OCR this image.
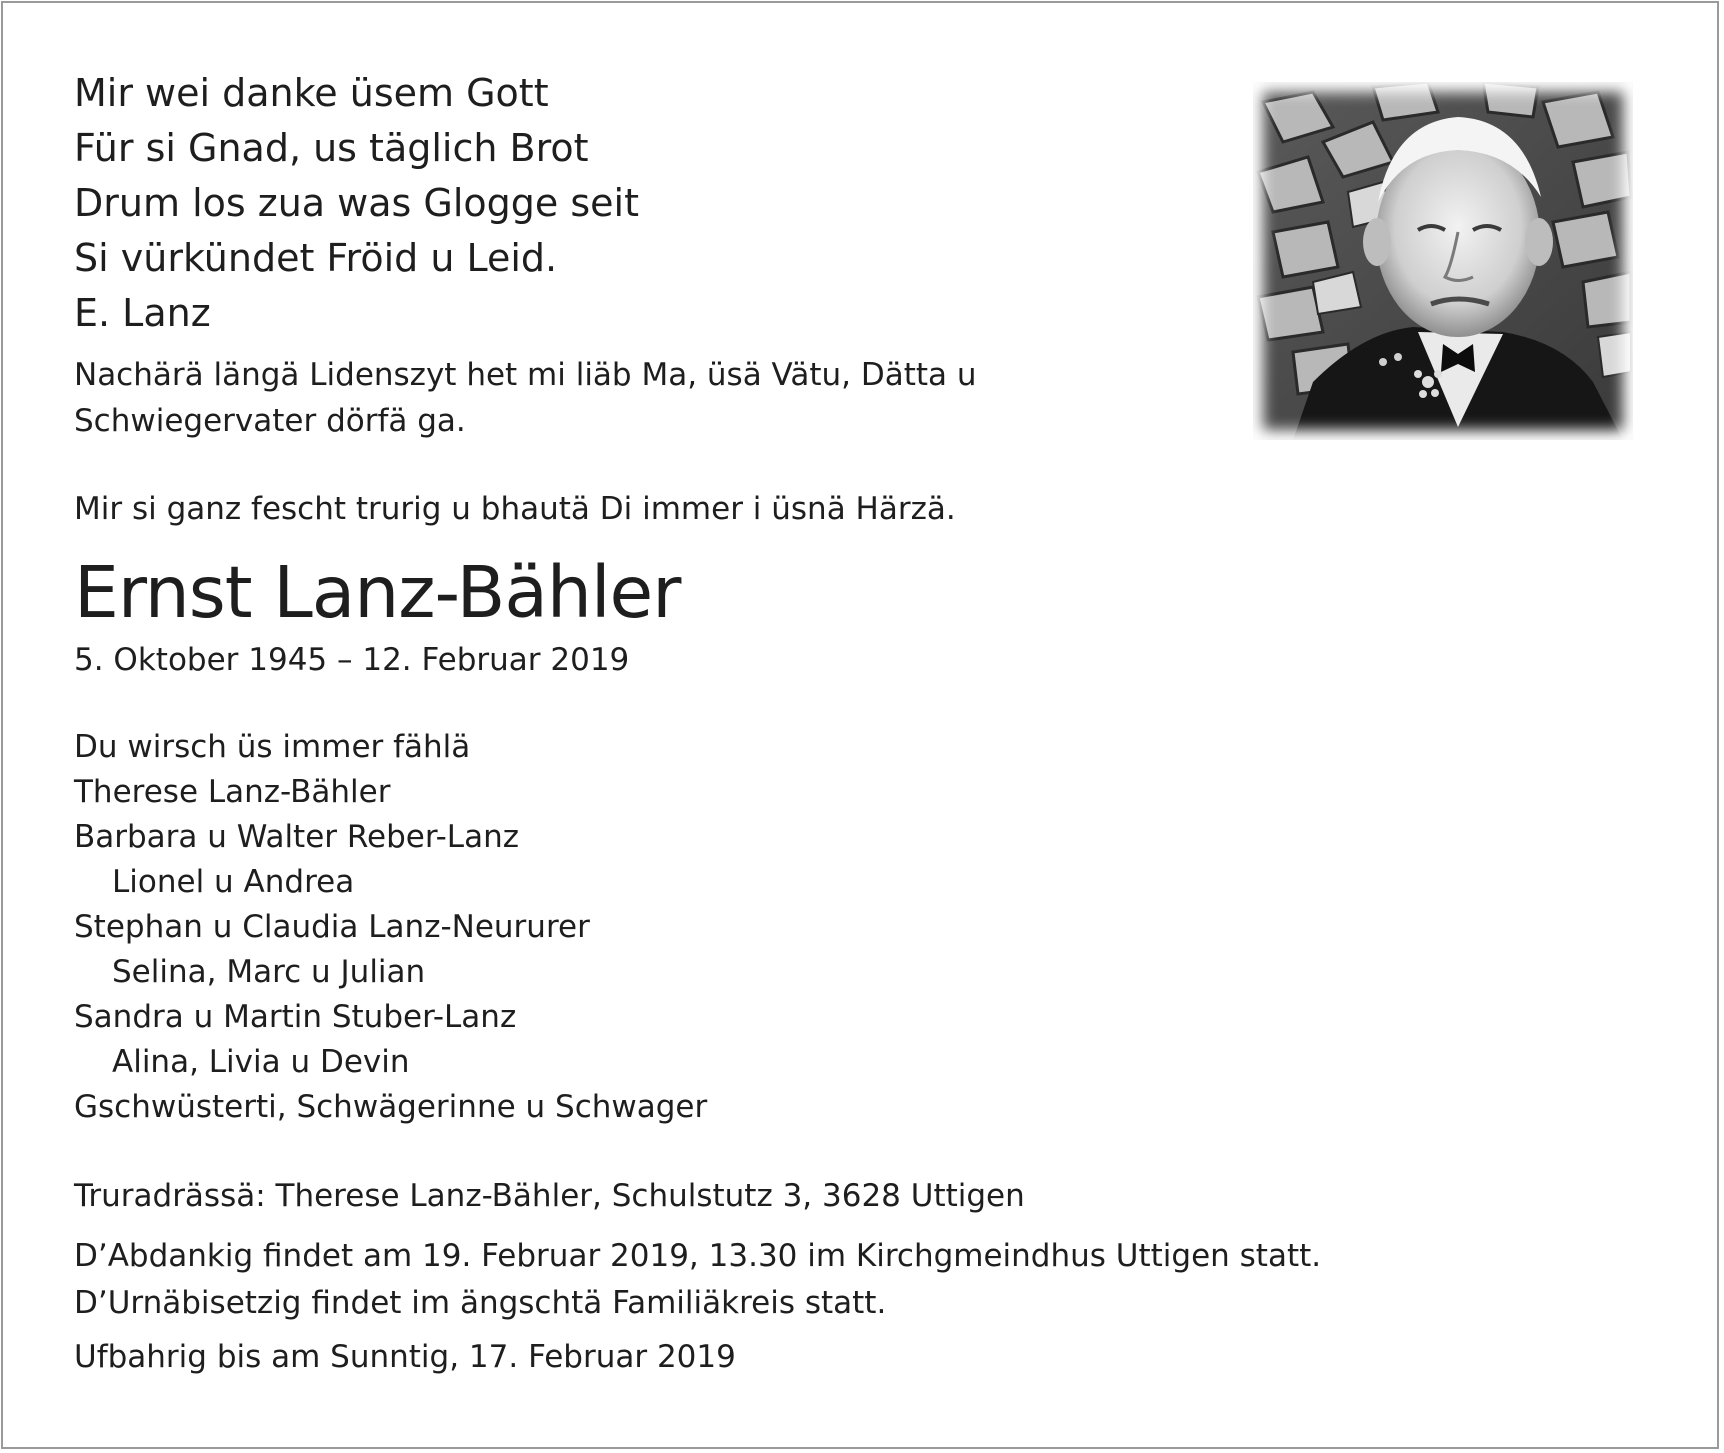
Mir wei danke üsem Gott
Für si Gnad, us täglich Brot
Drum los zua was Glogge seit
Si vürkündet Fröid u Leid.
E. Lanz
Nachärä längä Lidenszyt het mi liäb Ma, üsä Vätu, Dätta u
Schwiegervater dörfä ga.
Mir si ganz fescht trurig u bhautä Di immer i üsnä Härzä.
Ernst Lanz-Bähler
5. Oktober 1945 – 12. Februar 2019
Du wirsch üs immer fählä
Therese Lanz-Bähler
Barbara u Walter Reber-Lanz
Lionel u Andrea
Stephan u Claudia Lanz-Neururer
Selina, Marc u Julian
Sandra u Martin Stuber-Lanz
Alina, Livia u Devin
Gschwüsterti, Schwägerinne u Schwager
Truradrässä: Therese Lanz-Bähler, Schulstutz 3, 3628 Uttigen
D’Abdankig findet am 19. Februar 2019, 13.30 im Kirchgmeindhus Uttigen statt.
D’Urnäbisetzig findet im ängschtä Familiäkreis statt.
Ufbahrig bis am Sunntig, 17. Februar 2019
